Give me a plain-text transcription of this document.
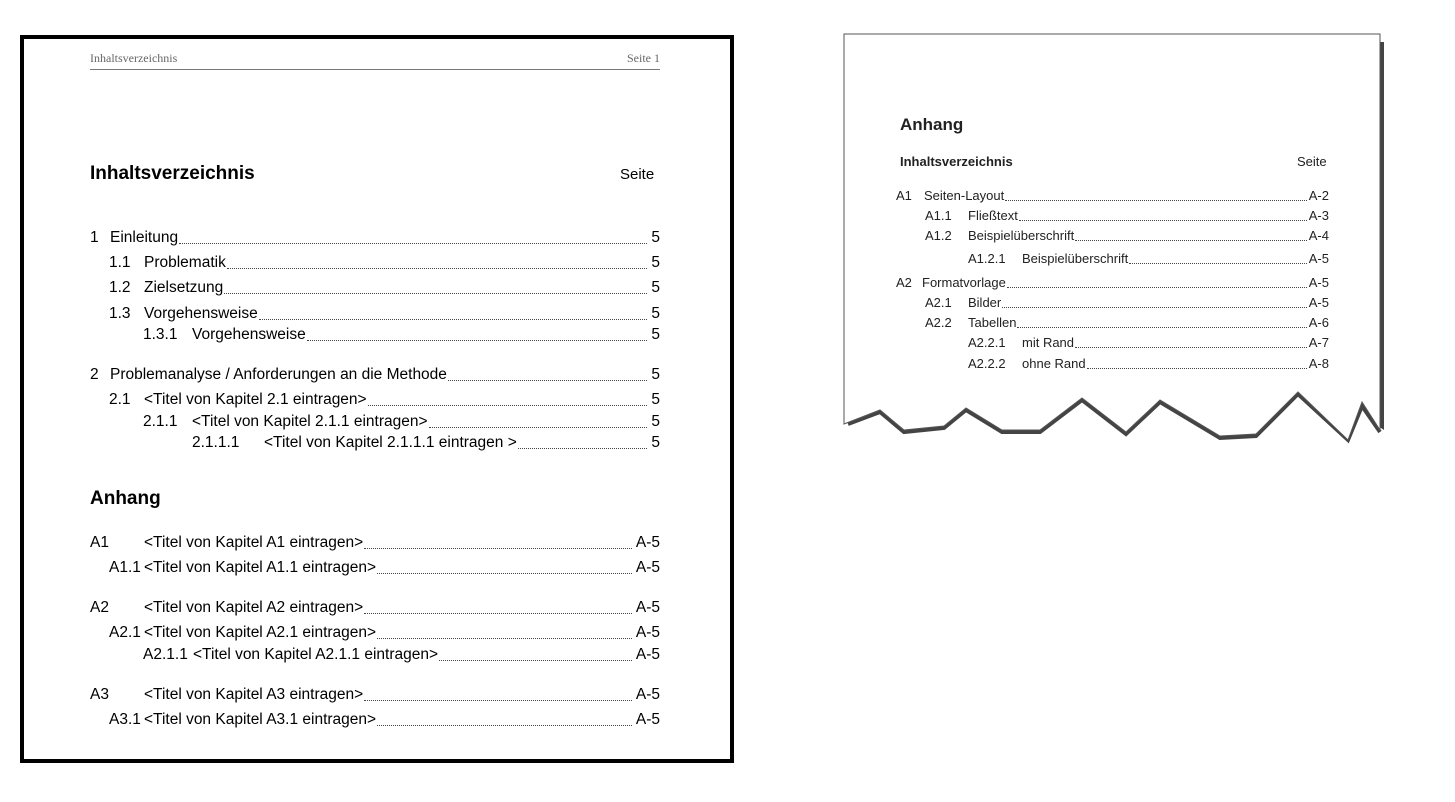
Inhaltsverzeichnis	Seite 1
Inhaltsverzeichnis	Seite
1 Einleitung	5
1.1 Problematik	5
1.2 Zielsetzung	5
1.3 Vorgehensweise	5
1.3.1 Vorgehensweise	5
2 Problemanalyse / Anforderungen an die Methode	5
2.1 <Titel von Kapitel 2.1 eintragen>	5
2.1.1 <Titel von Kapitel 2.1.1 eintragen>	5
2.1.1.1 <Titel von Kapitel 2.1.1.1 eintragen >	5
Anhang
A1 <Titel von Kapitel A1 eintragen>	A-5
A1.1 <Titel von Kapitel A1.1 eintragen>	A-5
A2 <Titel von Kapitel A2 eintragen>	A-5
A2.1 <Titel von Kapitel A2.1 eintragen>	A-5
A2.1.1 <Titel von Kapitel A2.1.1 eintragen>	A-5
A3 <Titel von Kapitel A3 eintragen>	A-5
A3.1 <Titel von Kapitel A3.1 eintragen>	A-5
Anhang
Inhaltsverzeichnis	Seite
A1 Seiten-Layout	A-2
A1.1 Fließtext	A-3
A1.2 Beispielüberschrift	A-4
A1.2.1 Beispielüberschrift	A-5
A2 Formatvorlage	A-5
A2.1 Bilder	A-5
A2.2 Tabellen	A-6
A2.2.1 mit Rand	A-7
A2.2.2 ohne Rand	A-8
